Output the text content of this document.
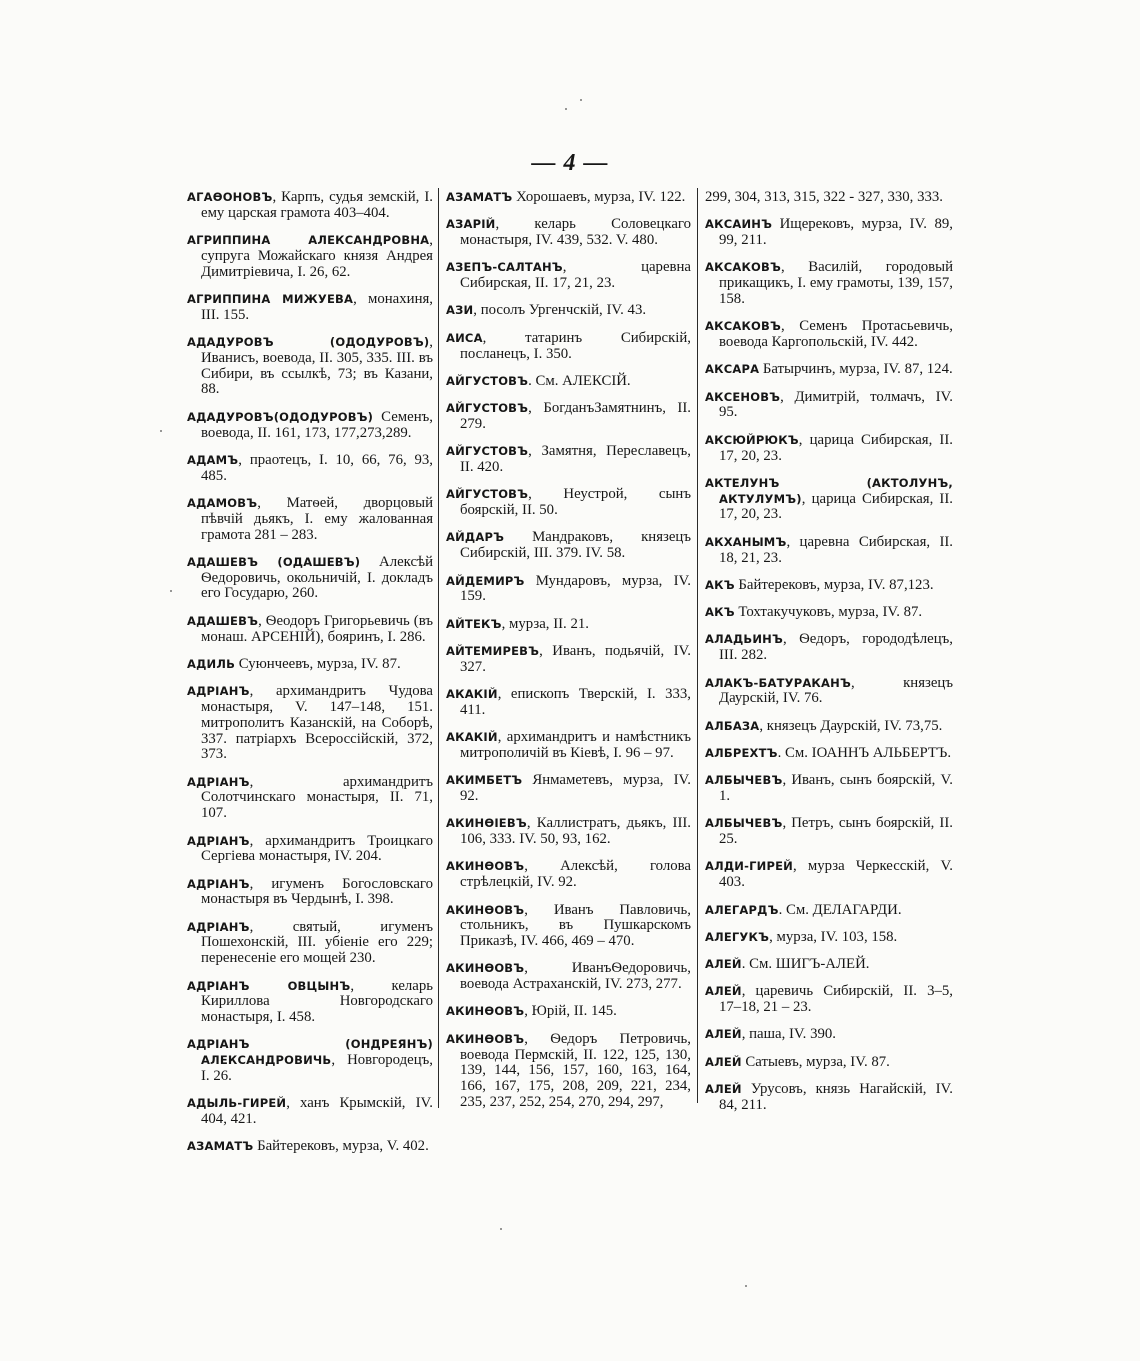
— 4 —

АГАѲОНОВЪ, Карпъ, судья земскій, I. ему царская грамота 403–404.

АГРИППИНА АЛЕКСАНДРОВНА, супруга Можайскаго князя Андрея Димитріевича, I. 26, 62.

АГРИППИНА МИЖУЕВА, монахиня, III. 155.

АДАДУРОВЪ (ОДОДУРОВЪ), Иванисъ, воевода, II. 305, 335. III. въ Сибири, въ ссылкѣ, 73; въ Казани, 88.

АДАДУРОВЪ(ОДОДУРОВЪ) Семенъ, воевода, II. 161, 173, 177,273,289.

АДАМЪ, праотецъ, I. 10, 66, 76, 93, 485.

АДАМОВЪ, Матѳей, дворцовый пѣвчій дьякъ, I. ему жалованная грамота 281 – 283.

АДАШЕВЪ (ОДАШЕВЪ) Алексѣй Ѳедоровичь, окольничій, I. докладъ его Государю, 260.

АДАШЕВЪ, Ѳеодоръ Григорьевичь (въ монаш. АРСЕНІЙ), бояринъ, I. 286.

АДИЛЬ Суюнчеевъ, мурза, IV. 87.

АДРІАНЪ, архимандритъ Чудова монастыря, V. 147–148, 151. митрополитъ Казанскій, на Соборѣ, 337. патріархъ Всероссійскій, 372, 373.

АДРІАНЪ, архимандритъ Солотчинскаго монастыря, II. 71, 107.

АДРІАНЪ, архимандритъ Троицкаго Сергіева монастыря, IV. 204.

АДРІАНЪ, игуменъ Богословскаго монастыря въ Чердынѣ, I. 398.

АДРІАНЪ, святый, игуменъ Пошехонскій, III. убіеніе его 229; перенесеніе его мощей 230.

АДРІАНЪ ОВЦЫНЪ, келарь Кириллова Новгородскаго монастыря, I. 458.

АДРІАНЪ (ОНДРЕЯНЪ) АЛЕКСАНДРОВИЧЬ, Новгородецъ, I. 26.

АДЫЛЬ-ГИРЕЙ, ханъ Крымскій, IV. 404, 421.

АЗАМАТЪ Байтерековъ, мурза, V. 402.

АЗАМАТЪ Хорошаевъ, мурза, IV. 122.

АЗАРІЙ, келарь Соловецкаго монастыря, IV. 439, 532. V. 480.

АЗЕПЪ-САЛТАНЪ, царевна Сибирская, II. 17, 21, 23.

АЗИ, посолъ Ургенчскій, IV. 43.

АИСА, татаринъ Сибирскій, посланецъ, I. 350.

АЙГУСТОВЪ. См. АЛЕКСІЙ.

АЙГУСТОВЪ, БогданъЗамятнинъ, II. 279.

АЙГУСТОВЪ, Замятня, Переславецъ, II. 420.

АЙГУСТОВЪ, Неустрой, сынъ боярскій, II. 50.

АЙДАРЪ Мандраковъ, князецъ Сибирскій, III. 379. IV. 58.

АЙДЕМИРЪ Мундаровъ, мурза, IV. 159.

АЙТЕКЪ, мурза, II. 21.

АЙТЕМИРЕВЪ, Иванъ, подьячій, IV. 327.

АКАКІЙ, епископъ Тверскій, I. 333, 411.

АКАКІЙ, архимандритъ и намѣстникъ митрополичій въ Кіевѣ, I. 96 – 97.

АКИМБЕТЪ Янмаметевъ, мурза, IV. 92.

АКИНѲІЕВЪ, Каллистратъ, дьякъ, III. 106, 333. IV. 50, 93, 162.

АКИНѲОВЪ, Алексѣй, голова стрѣлецкій, IV. 92.

АКИНѲОВЪ, Иванъ Павловичь, стольникъ, въ Пушкарскомъ Приказѣ, IV. 466, 469 – 470.

АКИНѲОВЪ, ИванъѲедоровичь, воевода Астраханскій, IV. 273, 277.

АКИНѲОВЪ, Юрій, II. 145.

АКИНѲОВЪ, Ѳедоръ Петровичь, воевода Пермскій, II. 122, 125, 130, 139, 144, 156, 157, 160, 163, 164, 166, 167, 175, 208, 209, 221, 234, 235, 237, 252, 254, 270, 294, 297,

299, 304, 313, 315, 322 - 327, 330, 333.

АКСАИНЪ Ищерековъ, мурза, IV. 89, 99, 211.

АКСАКОВЪ, Василій, городовый прикащикъ, I. ему грамоты, 139, 157, 158.

АКСАКОВЪ, Семенъ Протасьевичь, воевода Каргопольскій, IV. 442.

АКСАРА Батырчинъ, мурза, IV. 87, 124.

АКСЕНОВЪ, Димитрій, толмачъ, IV. 95.

АКСЮЙРЮКЪ, царица Сибирская, II. 17, 20, 23.

АКТЕЛУНЪ (АКТОЛУНЪ, АКТУЛУМЪ), царица Сибирская, II. 17, 20, 23.

АКХАНЫМЪ, царевна Сибирская, II. 18, 21, 23.

АКЪ Байтерековъ, мурза, IV. 87,123.

АКЪ Тохтакучуковъ, мурза, IV. 87.

АЛАДЬИНЪ, Ѳедоръ, горододѣлецъ, III. 282.

АЛАКЪ-БАТУРАКАНЪ, князецъ Даурскій, IV. 76.

АЛБАЗА, князецъ Даурскій, IV. 73,75.

АЛБРЕХТЪ. См. ІОАННЪ АЛЬБЕРТЪ.

АЛБЫЧЕВЪ, Иванъ, сынъ боярскій, V. 1.

АЛБЫЧЕВЪ, Петръ, сынъ боярскій, II. 25.

АЛДИ-ГИРЕЙ, мурза Черкесскій, V. 403.

АЛЕГАРДЪ. См. ДЕЛАГАРДИ.

АЛЕГУКЪ, мурза, IV. 103, 158.

АЛЕЙ. См. ШИГЪ-АЛЕЙ.

АЛЕЙ, царевичь Сибирскій, II. 3–5, 17–18, 21 – 23.

АЛЕЙ, паша, IV. 390.

АЛЕЙ Сатыевъ, мурза, IV. 87.

АЛЕЙ Урусовъ, князь Нагайскій, IV. 84, 211.
